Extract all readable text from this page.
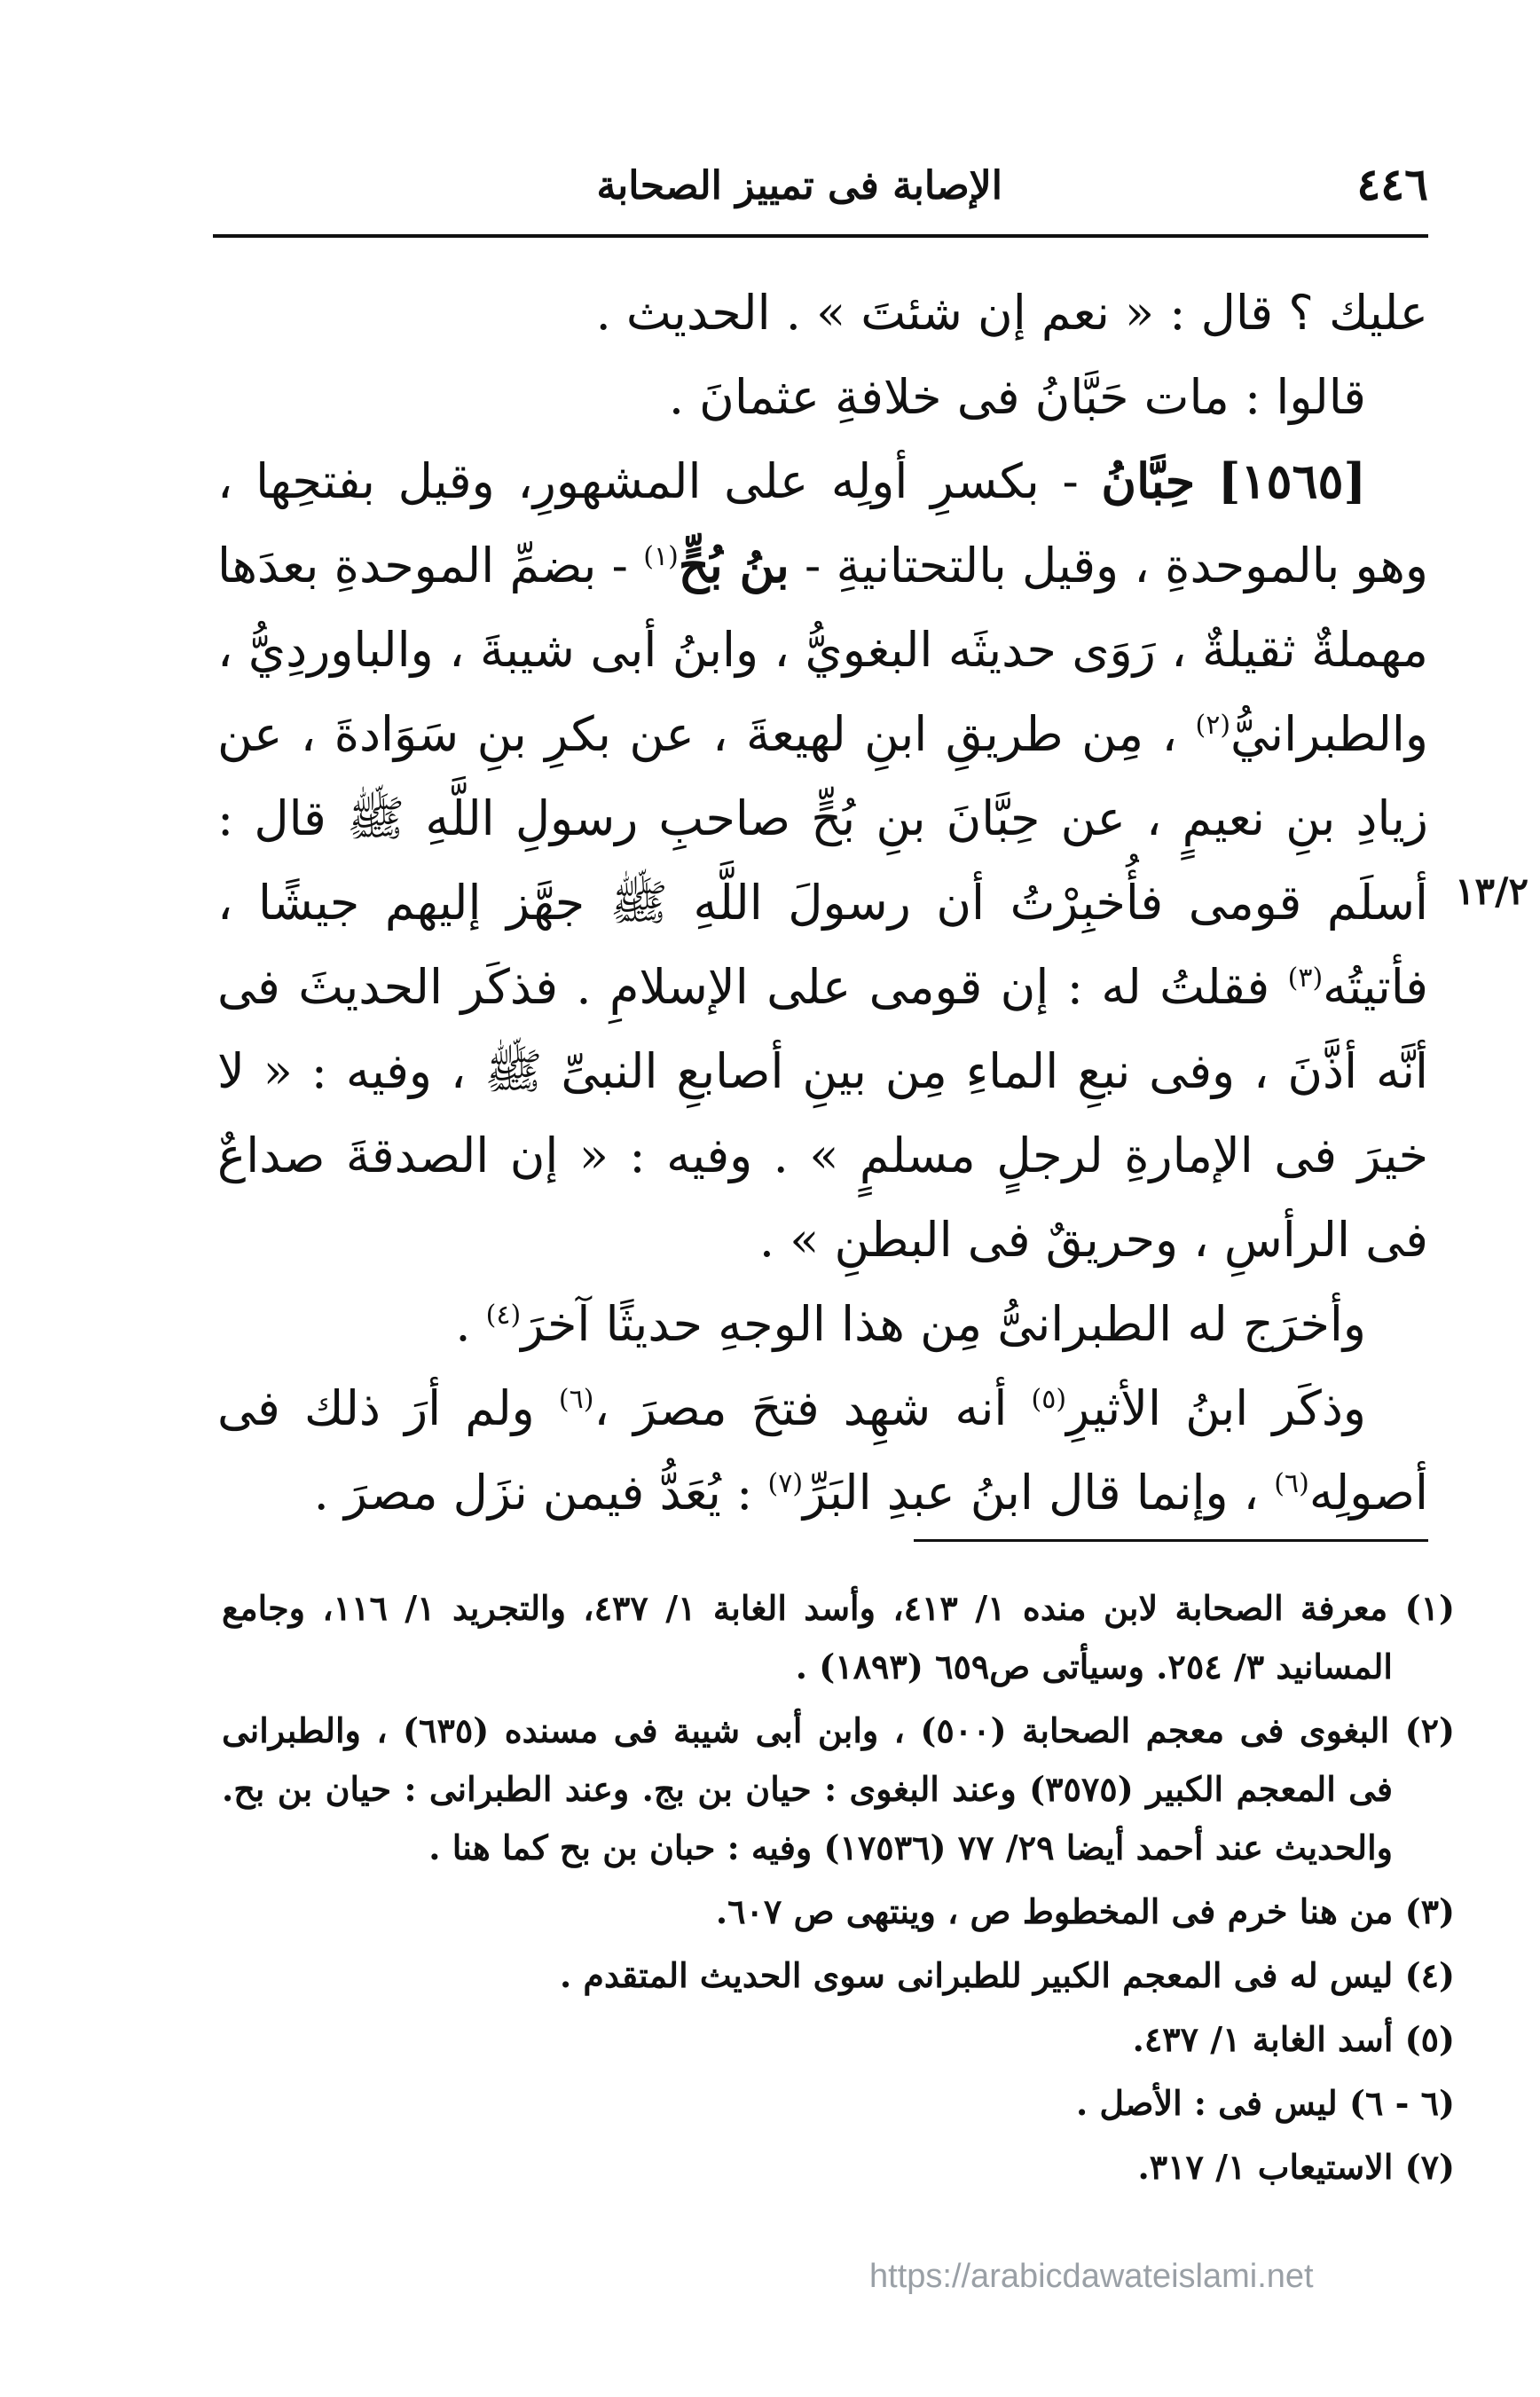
٤٤٦
الإصابة فى تمييز الصحابة

عليك ؟ قال : « نعم إن شئتَ » . الحديث .

قالوا : مات حَبَّانُ فى خلافةِ عثمانَ .

[١٥٦٥] حِبَّانُ - بكسرِ أولِه على المشهورِ، وقيل بفتحِها ، وهو بالموحدةِ ، وقيل بالتحتانيةِ - بنُ بُحٍّ$^{(١)}$ - بضمِّ الموحدةِ بعدَها مهملةٌ ثقيلةٌ ، رَوَى حديثَه البغويُّ ، وابنُ أبى شيبةَ ، والباوردِيُّ ، والطبرانيُّ$^{(٢)}$ ، مِن طريقِ ابنِ لهيعةَ ، عن بكرِ بنِ سَوَادةَ ، عن زيادِ بنِ نعيمٍ ، عن حِبَّانَ بنِ بُحٍّ صاحبِ رسولِ اللَّهِ ﷺ قال : أسلَم قومى فأُخبِرْتُ أن رسولَ اللَّهِ ﷺ جهَّز إليهم جيشًا ، فأتيتُه$^{(٣)}$ فقلتُ له : إن قومى على الإسلامِ . فذكَر الحديثَ فى أنَّه أذَّنَ ، وفى نبعِ الماءِ مِن بينِ أصابعِ النبىِّ ﷺ ، وفيه : « لا خيرَ فى الإمارةِ لرجلٍ مسلمٍ » . وفيه : « إن الصدقةَ صداعٌ فى الرأسِ ، وحريقٌ فى البطنِ » .

وأخرَج له الطبرانىُّ مِن هذا الوجهِ حديثًا آخرَ$^{(٤)}$ .

وذكَر ابنُ الأثيرِ$^{(٥)}$ أنه شهِد فتحَ مصرَ ،$^{(٦)}$ ولم أرَ ذلك فى أصولِه$^{(٦)}$ ، وإنما قال ابنُ عبدِ البَرِّ$^{(٧)}$ : يُعَدُّ فيمن نزَل مصرَ .

١٣/٢

(١) معرفة الصحابة لابن منده ١/ ٤١٣، وأسد الغابة ١/ ٤٣٧، والتجريد ١/ ١١٦، وجامع المسانيد ٣/ ٢٥٤. وسيأتى ص٦٥٩ (١٨٩٣) .

(٢) البغوى فى معجم الصحابة (٥٠٠) ، وابن أبى شيبة فى مسنده (٦٣٥) ، والطبرانى فى المعجم الكبير (٣٥٧٥) وعند البغوى : حيان بن بج. وعند الطبرانى : حيان بن بح. والحديث عند أحمد أيضا ٢٩/ ٧٧ (١٧٥٣٦) وفيه : حبان بن بح كما هنا .

(٣) من هنا خرم فى المخطوط ص ، وينتهى ص ٦٠٧.

(٤) ليس له فى المعجم الكبير للطبرانى سوى الحديث المتقدم .

(٥) أسد الغابة ١/ ٤٣٧.

(٦ - ٦) ليس فى : الأصل .

(٧) الاستيعاب ١/ ٣١٧.

https://arabicdawateislami.net
